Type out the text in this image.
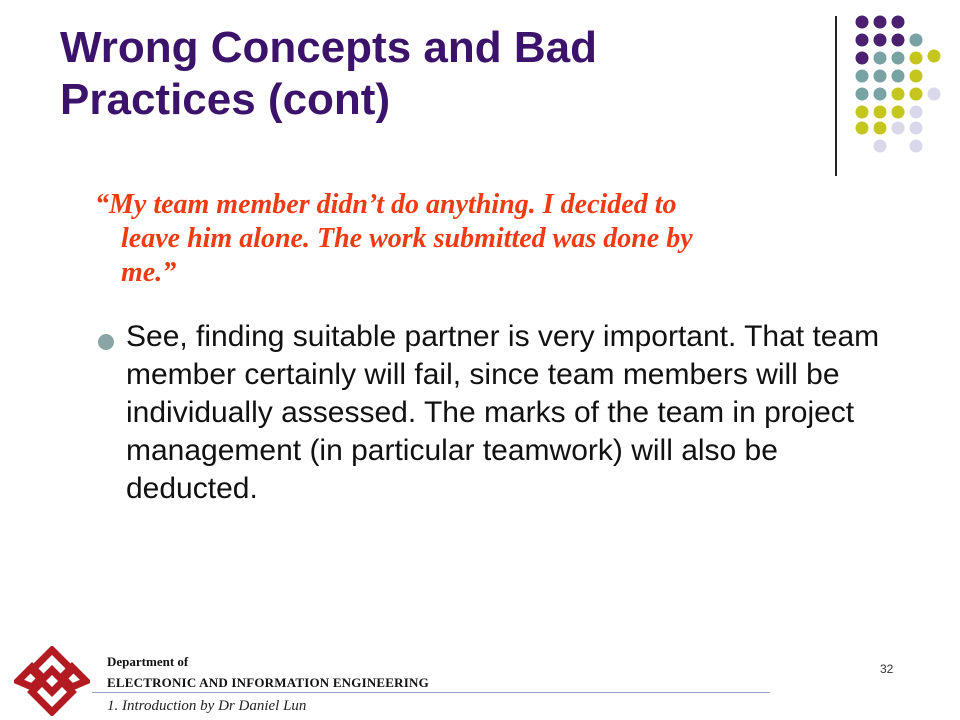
Wrong Concepts and Bad
Practices (cont)
“My team member didn’t do anything. I decided to
leave him alone. The work submitted was done by
me.”
See, finding suitable partner is very important. That team member certainly will fail, since team members will be individually assessed. The marks of the team in project management (in particular teamwork) will also be deducted.
Department of
ELECTRONIC AND INFORMATION ENGINEERING
1. Introduction by Dr Daniel Lun
32
